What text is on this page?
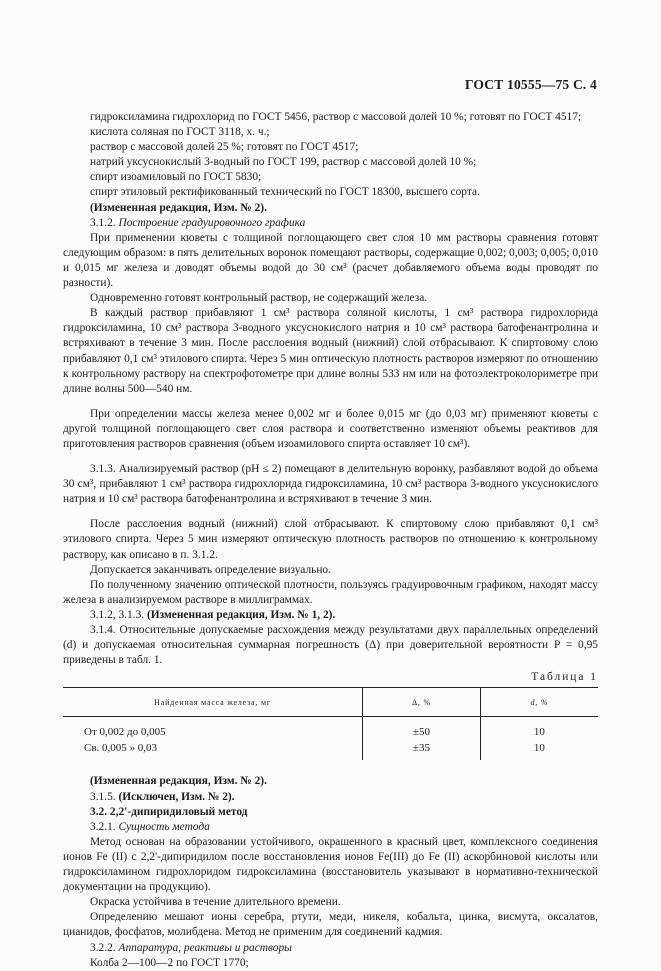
ГОСТ 10555—75 С. 4

гидроксиламина гидрохлорид по ГОСТ 5456, раствор с массовой долей 10 %; готовят по ГОСТ 4517;

кислота соляная по ГОСТ 3118, х. ч.;

раствор с массовой долей 25 %; готовят по ГОСТ 4517;

натрий уксуснокислый 3-водный по ГОСТ 199, раствор с массовой долей 10 %;

спирт изоамиловый по ГОСТ 5830;

спирт этиловый ректификованный технический по ГОСТ 18300, высшего сорта.

(Измененная редакция, Изм. № 2).

3.1.2. Построение градуировочного графика

При применении кюветы с толщиной поглощающего свет слоя 10 мм растворы сравнения готовят следующим образом: в пять делительных воронок помещают растворы, содержащие 0,002; 0,003; 0,005; 0,010 и 0,015 мг железа и доводят объемы водой до 30 см³ (расчет добавляемого объема воды проводят по разности).

Одновременно готовят контрольный раствор, не содержащий железа.

В каждый раствор прибавляют 1 см³ раствора соляной кислоты, 1 см³ раствора гидрохлорида гидроксиламина, 10 см³ раствора 3-водного уксуснокислого натрия и 10 см³ раствора батофенантролина и встряхивают в течение 3 мин. После расслоения водный (нижний) слой отбрасывают. К спиртовому слою прибавляют 0,1 см³ этилового спирта. Через 5 мин оптическую плотность растворов измеряют по отношению к контрольному раствору на спектрофотометре при длине волны 533 нм или на фотоэлектроколориметре при длине волны 500—540 нм.

При определении массы железа менее 0,002 мг и более 0,015 мг (до 0,03 мг) применяют кюветы с другой толщиной поглощающего свет слоя раствора и соответственно изменяют объемы реактивов для приготовления растворов сравнения (объем изоамилового спирта оставляет 10 см³).

3.1.3. Анализируемый раствор (рН ≤ 2) помещают в делительную воронку, разбавляют водой до объема 30 см³, прибавляют 1 см³ раствора гидрохлорида гидроксиламина, 10 см³ раствора 3-водного уксуснокислого натрия и 10 см³ раствора батофенантролина и встряхивают в течение 3 мин.

После расслоения водный (нижний) слой отбрасывают. К спиртовому слою прибавляют 0,1 см³ этилового спирта. Через 5 мин измеряют оптическую плотность растворов по отношению к контрольному раствору, как описано в п. 3.1.2.

Допускается заканчивать определение визуально.

По полученному значению оптической плотности, пользуясь градуировочным графиком, находят массу железа в анализируемом растворе в миллиграммах.

3.1.2, 3.1.3. (Измененная редакция, Изм. № 1, 2).

3.1.4. Относительные допускаемые расхождения между результатами двух параллельных определений (d) и допускаемая относительная суммарная погрешность (Δ) при доверительной вероятности P = 0,95 приведены в табл. 1.

Таблица 1
Найденная масса железа, мг	Δ, %	d, %
От 0,002 до 0,005	±50	10
Св. 0,005 » 0,03	±35	10

(Измененная редакция, Изм. № 2).

3.1.5. (Исключен, Изм. № 2).

3.2. 2,2'-дипиридиловый метод

3.2.1. Сущность метода

Метод основан на образовании устойчивого, окрашенного в красный цвет, комплексного соединения ионов Fe (II) с 2,2'-дипиридилом после восстановления ионов Fe(III) до Fe (II) аскорбиновой кислоты или гидроксиламином гидрохлоридом гидроксиламина (восстановитель указывают в нормативно-технической документации на продукцию).

Окраска устойчива в течение длительного времени.

Определению мешают ионы серебра, ртути, меди, никеля, кобальта, цинка, висмута, оксалатов, цианидов, фосфатов, молибдена. Метод не применим для соединений кадмия.

3.2.2. Аппаратура, реактивы и растворы

Колба 2—100—2 по ГОСТ 1770;
